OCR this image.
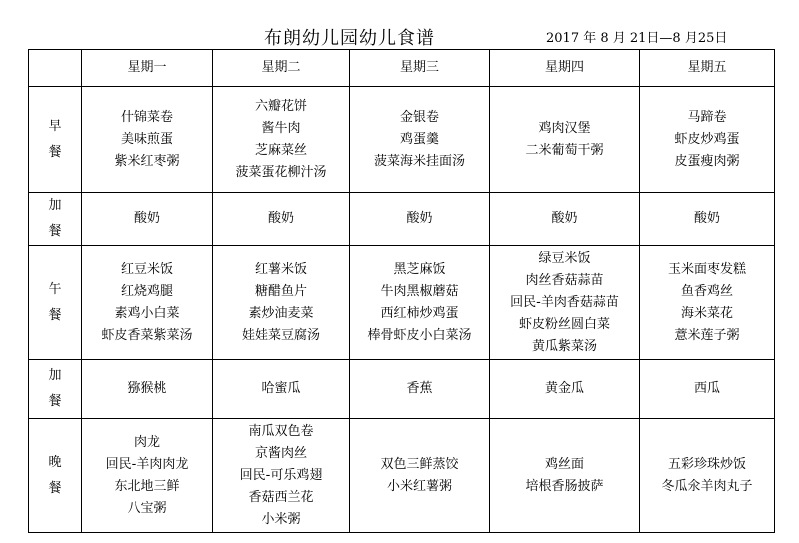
布朗幼儿园幼儿食谱	2017 年 8 月 21日—8 月25日
	星期一	星期二	星期三	星期四	星期五

早
餐	什锦菜卷
美味煎蛋
紫米红枣粥	六瓣花饼
酱牛肉
芝麻菜丝
菠菜蛋花柳汁汤	金银卷
鸡蛋羹
菠菜海米挂面汤	鸡肉汉堡
二米葡萄干粥	马蹄卷
虾皮炒鸡蛋
皮蛋瘦肉粥

加
餐	酸奶	酸奶	酸奶	酸奶	酸奶

午
餐	红豆米饭
红烧鸡腿
素鸡小白菜
虾皮香菜紫菜汤	红薯米饭
糖醋鱼片
素炒油麦菜
娃娃菜豆腐汤	黑芝麻饭
牛肉黑椒蘑菇
西红柿炒鸡蛋
棒骨虾皮小白菜汤	绿豆米饭
肉丝香菇蒜苗
回民-羊肉香菇蒜苗
虾皮粉丝圆白菜
黄瓜紫菜汤	玉米面枣发糕
鱼香鸡丝
海米菜花
薏米莲子粥

加
餐	猕猴桃	哈蜜瓜	香蕉	黄金瓜	西瓜

晚
餐	肉龙
回民-羊肉肉龙
东北地三鲜
八宝粥	南瓜双色卷
京酱肉丝
回民-可乐鸡翅
香菇西兰花
小米粥	双色三鲜蒸饺
小米红薯粥	鸡丝面
培根香肠披萨	五彩珍珠炒饭
冬瓜氽羊肉丸子
